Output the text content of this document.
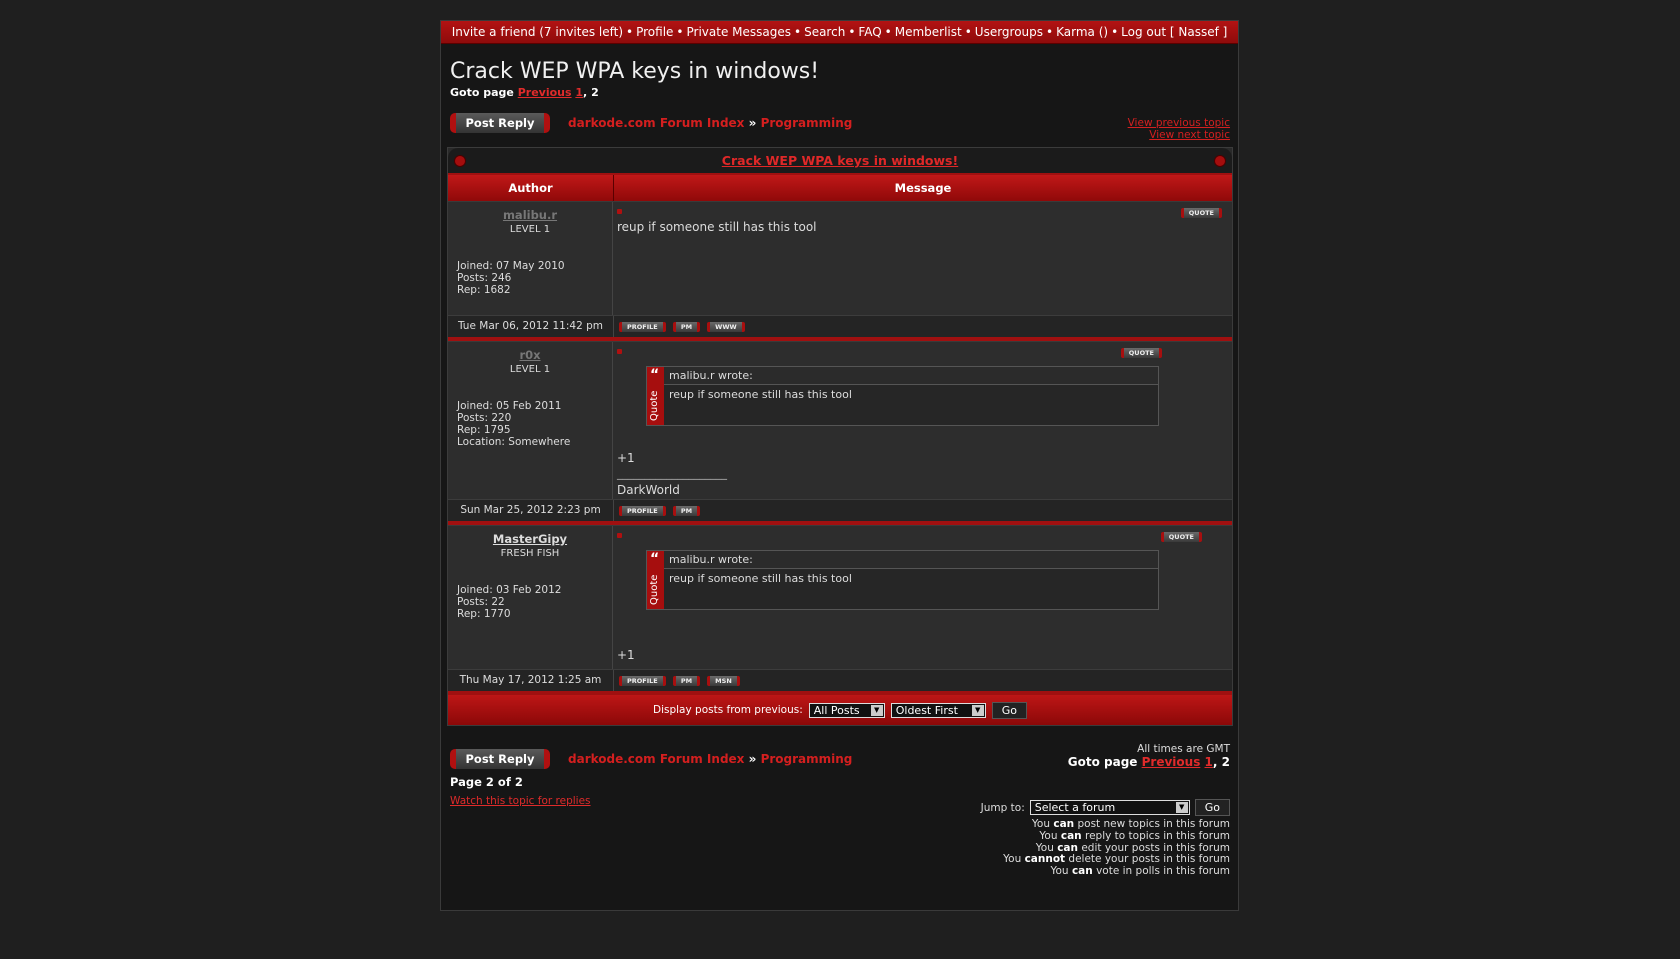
Invite a friend (7 invites left) • Profile • Private Messages • Search • FAQ • Memberlist • Usergroups • Karma () • Log out [ Nassef ]
Crack WEP WPA keys in windows!
Goto page Previous 1, 2
Post Reply	darkode.com Forum Index » Programming	View previous topic
View next topic
Crack WEP WPA keys in windows!
Author	Message
malibu.r
LEVEL 1
Joined: 07 May 2010
Posts: 246
Rep: 1682
QUOTE
reup if someone still has this tool
Tue Mar 06, 2012 11:42 pm	PROFILE	PM	WWW
r0x
LEVEL 1
Joined: 05 Feb 2011
Posts: 220
Rep: 1795
Location: Somewhere
QUOTE
“
Quote
malibu.r wrote:
reup if someone still has this tool
+1
____________________
DarkWorld
Sun Mar 25, 2012 2:23 pm	PROFILE	PM
MasterGipy
FRESH FISH
Joined: 03 Feb 2012
Posts: 22
Rep: 1770
QUOTE
“
Quote
malibu.r wrote:
reup if someone still has this tool
+1
Thu May 17, 2012 1:25 am	PROFILE	PM	MSN
Display posts from previous: All Posts	▼	Oldest First	▼	Go
Post Reply	darkode.com Forum Index » Programming
All times are GMT
Goto page Previous 1, 2
Page 2 of 2
Watch this topic for replies
Jump to: Select a forum	▼	Go
You can post new topics in this forum
You can reply to topics in this forum
You can edit your posts in this forum
You cannot delete your posts in this forum
You can vote in polls in this forum
